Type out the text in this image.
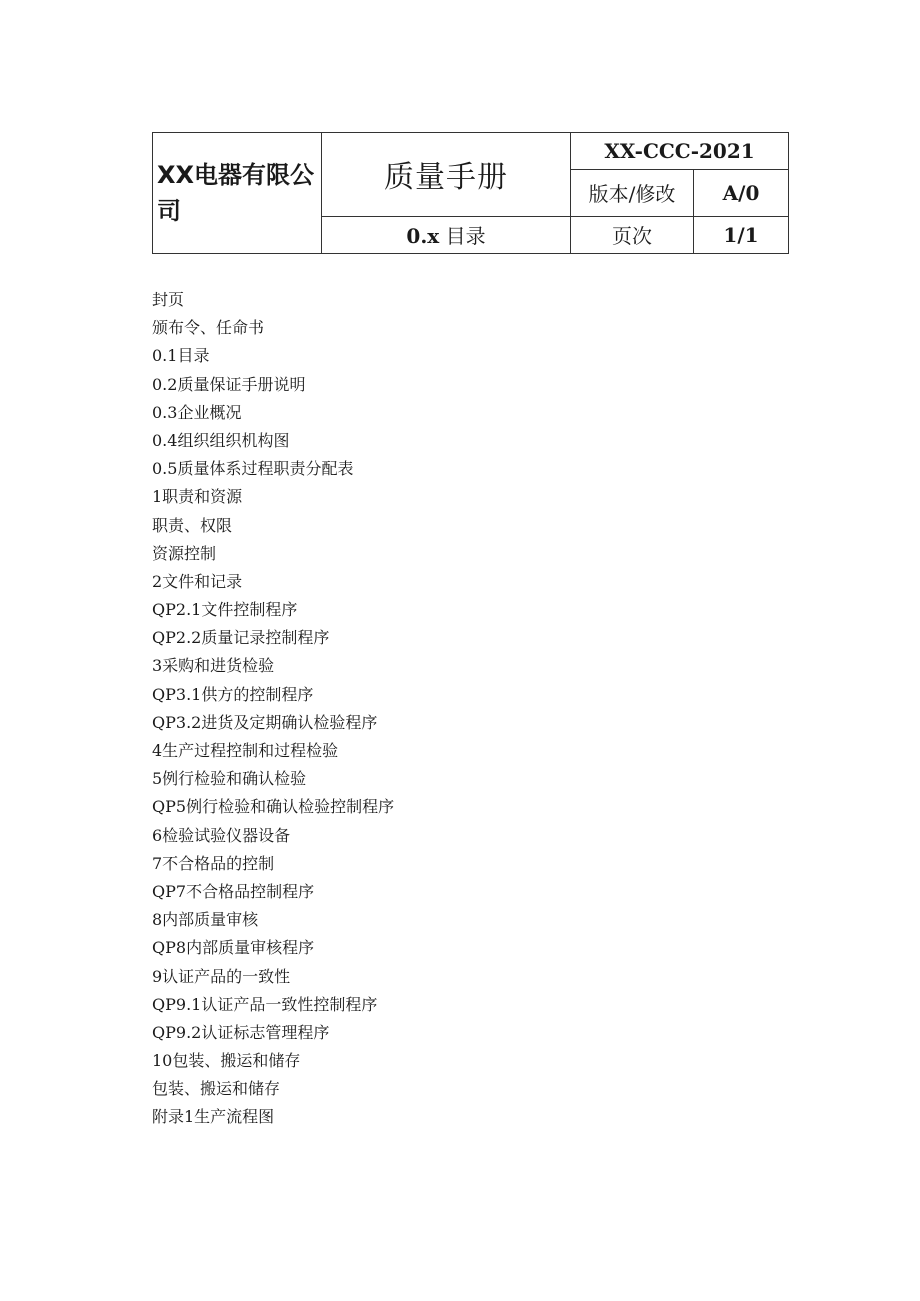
XX电器有限公司	质量手册	XX-CCC-2021	
		版本/修改	A/0
	0.x 目录	页次	1/1
封页
颁布令、任命书
0.1目录
0.2质量保证手册说明
0.3企业概况
0.4组织组织机构图
0.5质量体系过程职责分配表
1职责和资源
职责、权限
资源控制
2文件和记录
QP2.1文件控制程序
QP2.2质量记录控制程序
3采购和进货检验
QP3.1供方的控制程序
QP3.2进货及定期确认检验程序
4生产过程控制和过程检验
5例行检验和确认检验
QP5例行检验和确认检验控制程序
6检验试验仪器设备
7不合格品的控制
QP7不合格品控制程序
8内部质量审核
QP8内部质量审核程序
9认证产品的一致性
QP9.1认证产品一致性控制程序
QP9.2认证标志管理程序
10包装、搬运和储存
包装、搬运和储存
附录1生产流程图
